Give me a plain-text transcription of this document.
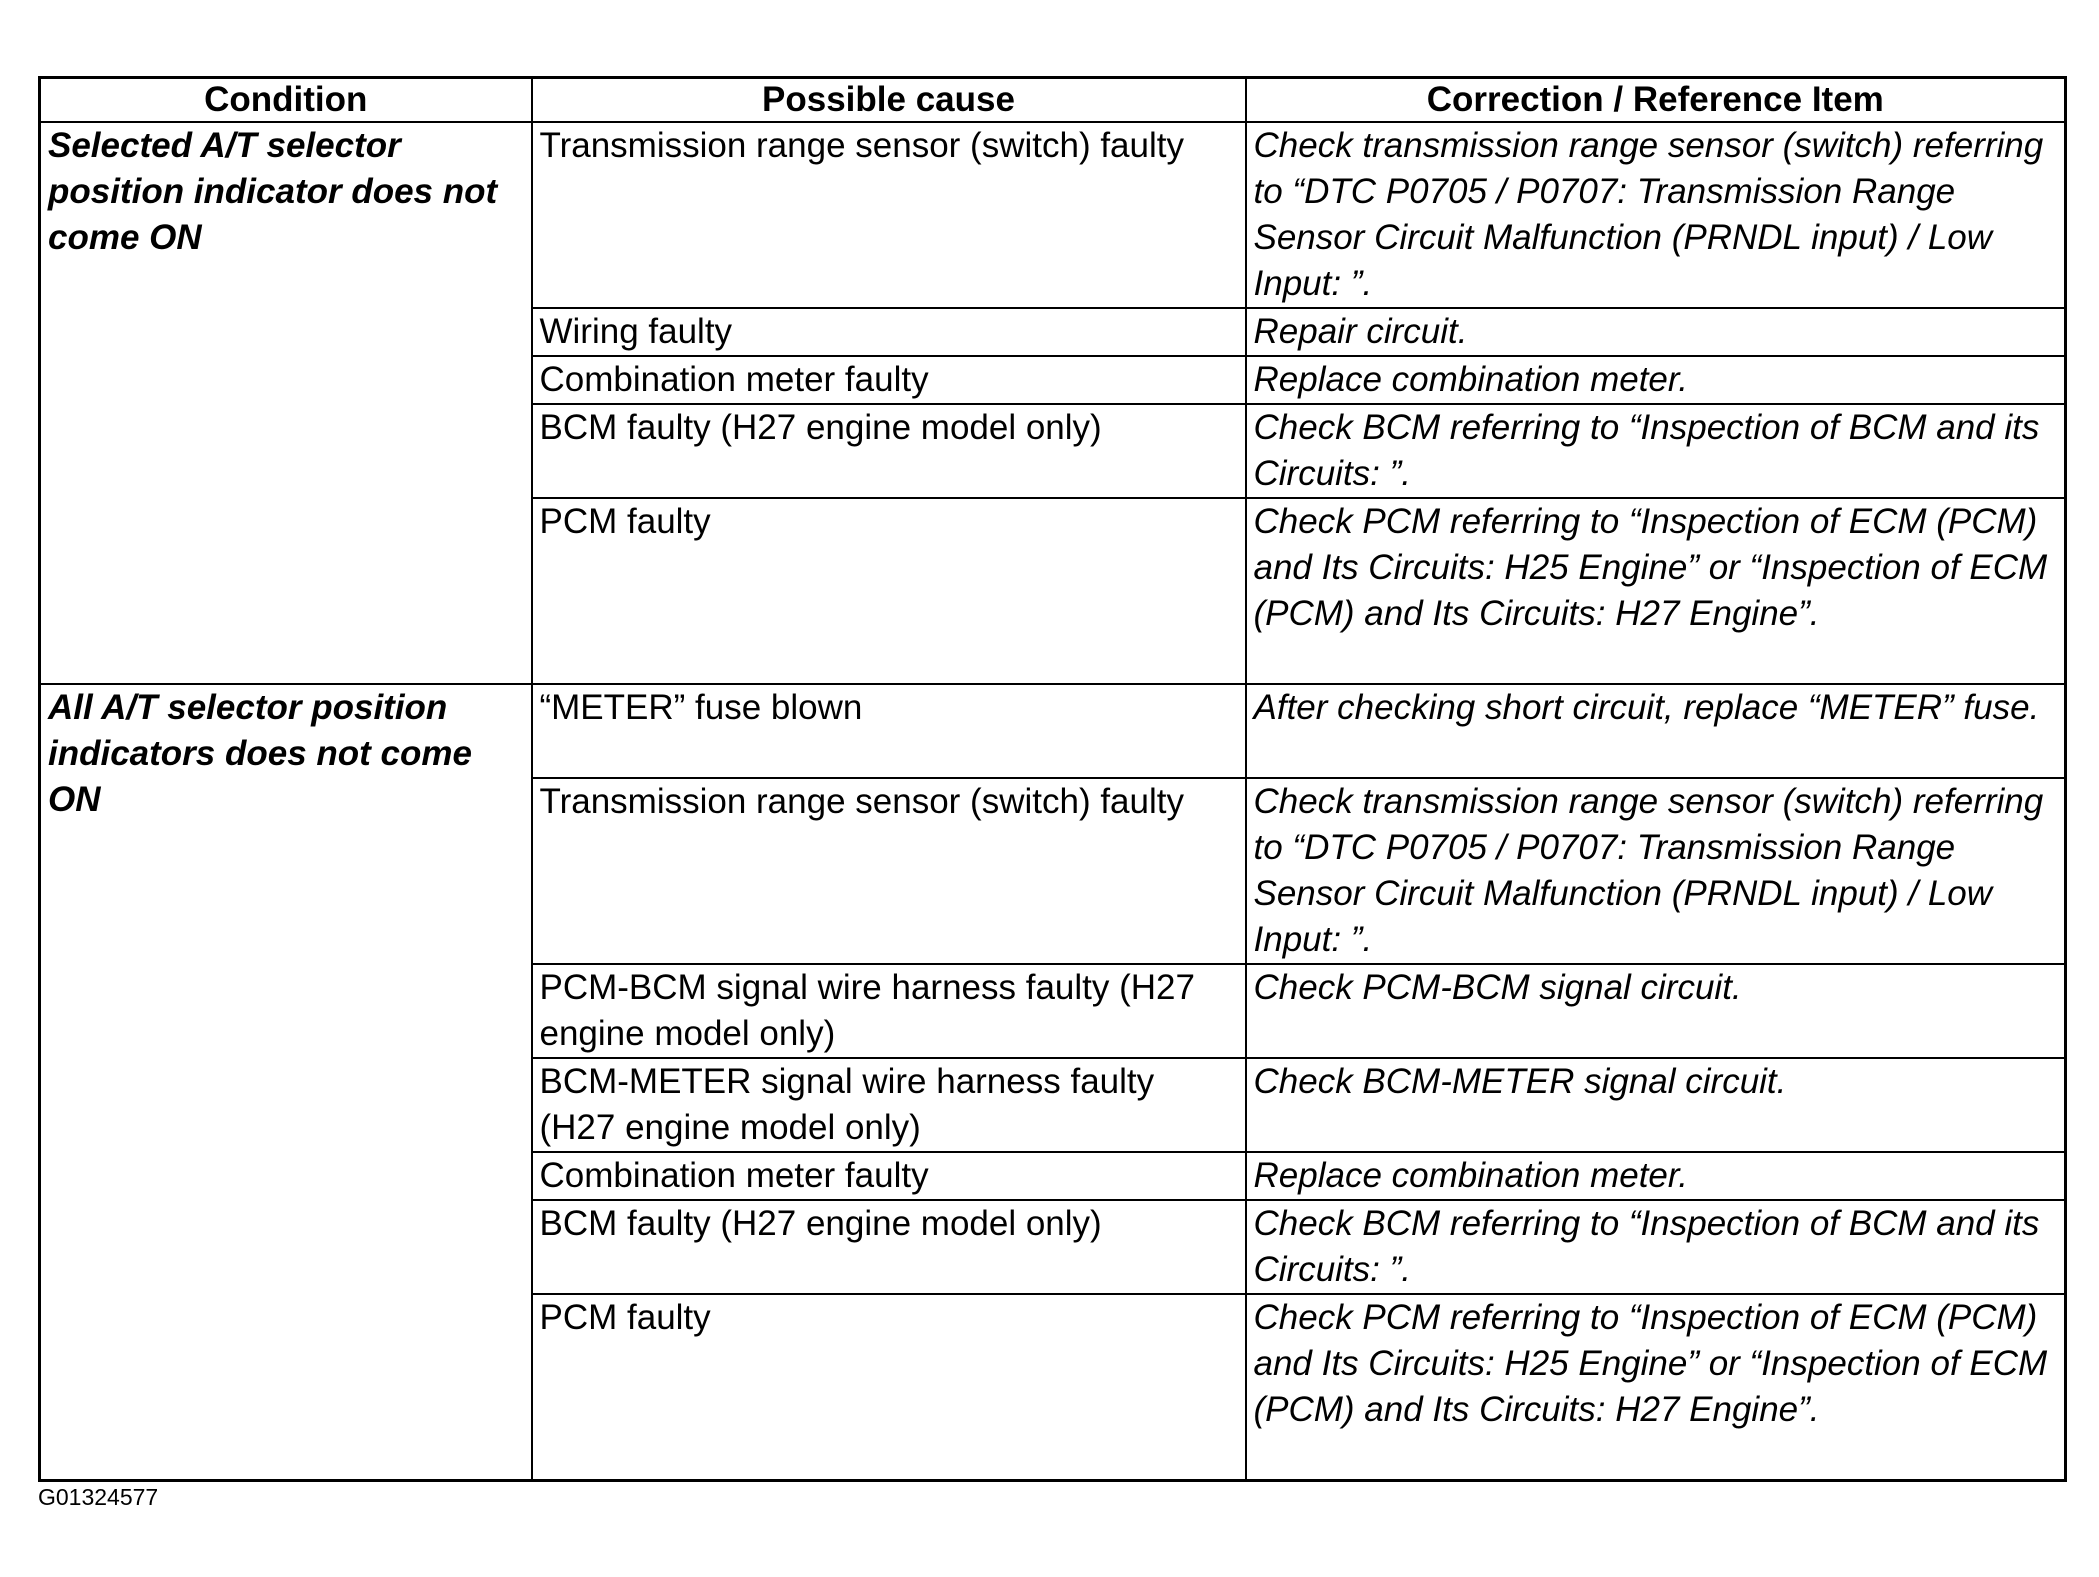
Condition	Possible cause	Correction / Reference Item
Selected A/T selector position indicator does not come ON	Transmission range sensor (switch) faulty	Check transmission range sensor (switch) referring to “DTC P0705 / P0707: Transmission Range Sensor Circuit Malfunction (PRNDL input) / Low Input: ”.
	Wiring faulty	Repair circuit.
	Combination meter faulty	Replace combination meter.
	BCM faulty (H27 engine model only)	Check BCM referring to “Inspection of BCM and its Circuits: ”.
	PCM faulty	Check PCM referring to “Inspection of ECM (PCM) and Its Circuits: H25 Engine” or “Inspection of ECM (PCM) and Its Circuits: H27 Engine”.
All A/T selector position indicators does not come ON	“METER” fuse blown	After checking short circuit, replace “METER” fuse.
	Transmission range sensor (switch) faulty	Check transmission range sensor (switch) referring to “DTC P0705 / P0707: Transmission Range Sensor Circuit Malfunction (PRNDL input) / Low Input: ”.
	PCM-BCM signal wire harness faulty (H27 engine model only)	Check PCM-BCM signal circuit.
	BCM-METER signal wire harness faulty (H27 engine model only)	Check BCM-METER signal circuit.
	Combination meter faulty	Replace combination meter.
	BCM faulty (H27 engine model only)	Check BCM referring to “Inspection of BCM and its Circuits: ”.
	PCM faulty	Check PCM referring to “Inspection of ECM (PCM) and Its Circuits: H25 Engine” or “Inspection of ECM (PCM) and Its Circuits: H27 Engine”.
G01324577
